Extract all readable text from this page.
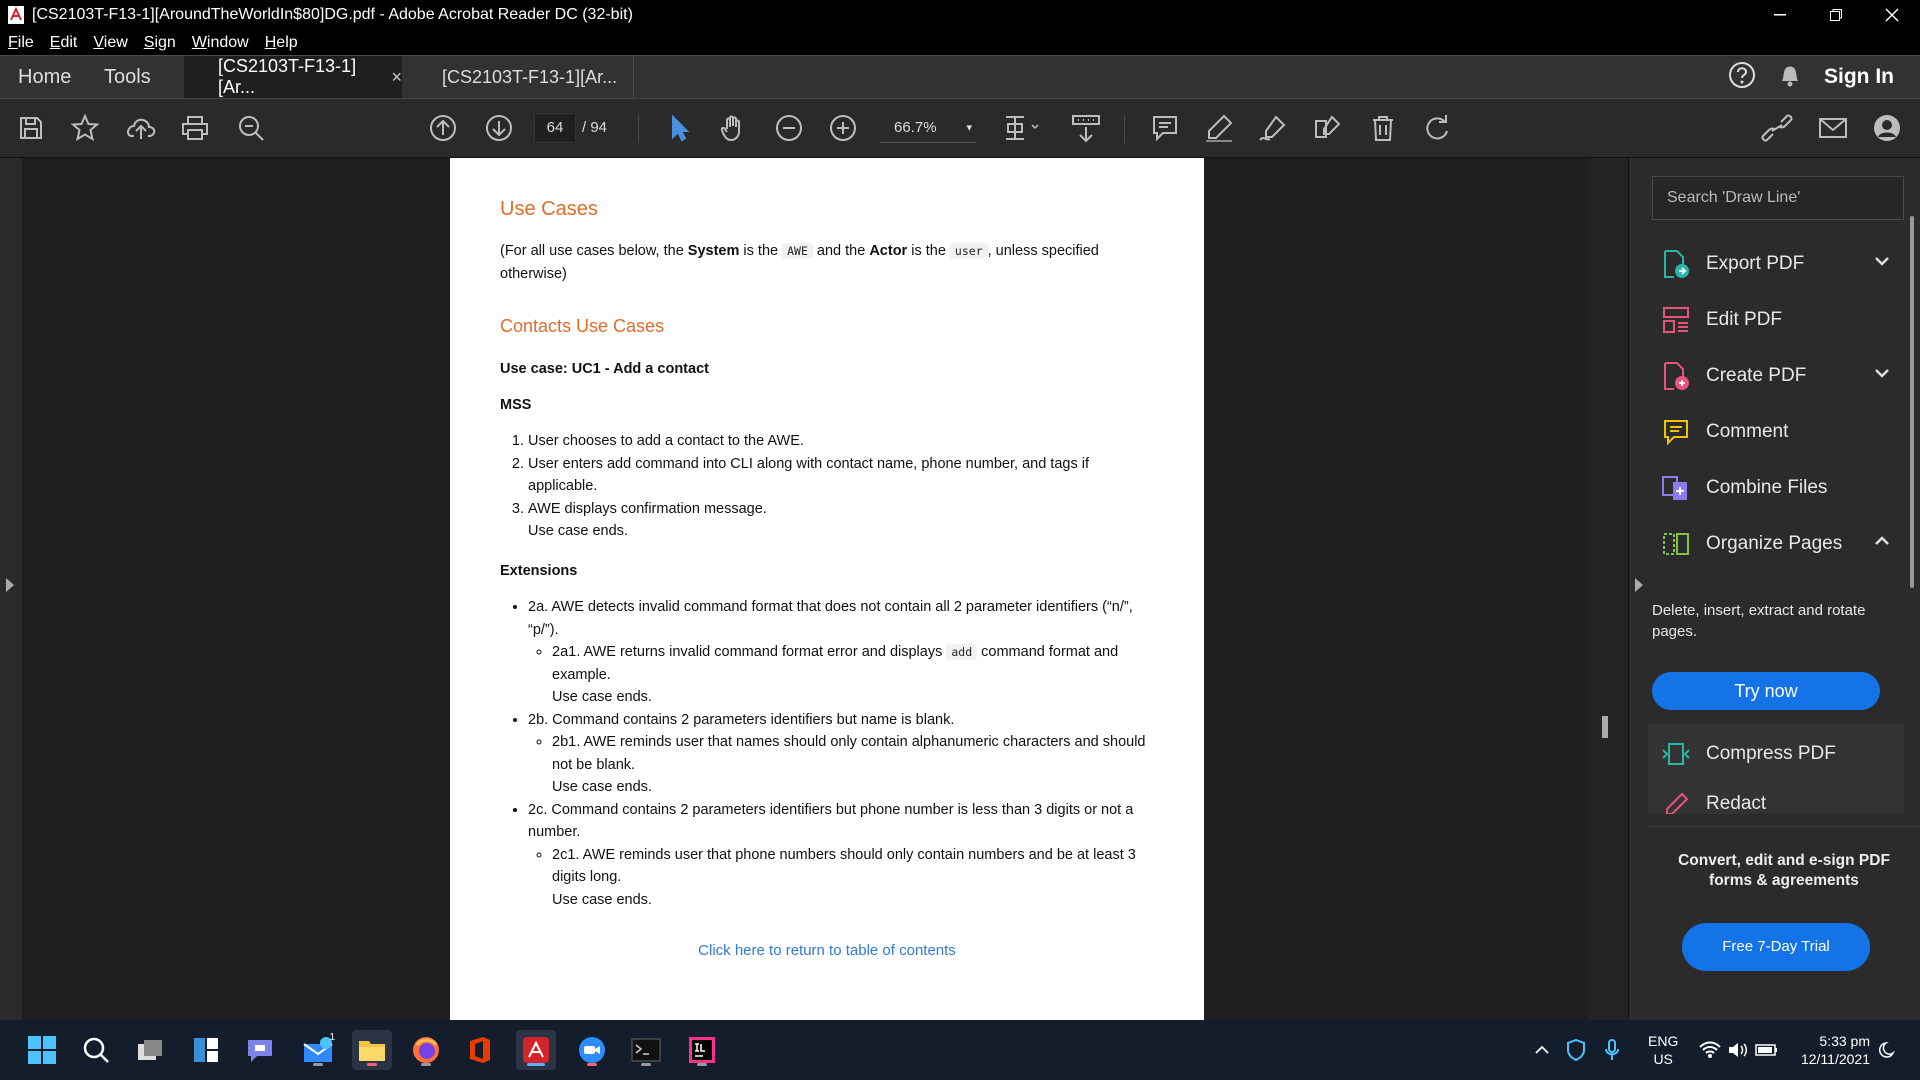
[CS2103T-F13-1][AroundTheWorldIn$80]DG.pdf - Adobe Acrobat Reader DC (32-bit)
File Edit View Sign Window Help
Home Tools	[CS2103T-F13-1][Ar...
× [CS2103T-F13-1][Ar...	Sign In
64	/ 94	66.7%	▾
Use Cases
(For all use cases below, the System is the AWE and the Actor is the user , unless specified
otherwise)
Contacts Use Cases
Use case: UC1 - Add a contact
MSS
1. User chooses to add a contact to the AWE.
2. User enters add command into CLI along with contact name, phone number, and tags if applicable.
3. AWE displays confirmation message.
Use case ends.
Extensions
• 2a. AWE detects invalid command format that does not contain all 2 parameter identifiers (“n/”, “p/”).
◦ 2a1. AWE returns invalid command format error and displays add command format and example.
Use case ends.
• 2b. Command contains 2 parameters identifiers but name is blank.
◦ 2b1. AWE reminds user that names should only contain alphanumeric characters and should not be blank.
Use case ends.
• 2c. Command contains 2 parameters identifiers but phone number is less than 3 digits or not a number.
◦ 2c1. AWE reminds user that phone numbers should only contain numbers and be at least 3 digits long.
Use case ends.
Click here to return to table of contents
Search 'Draw Line'
Export PDF
Edit PDF
Create PDF
Comment
Combine Files
Organize Pages
Delete, insert, extract and rotate pages.
Try now
Compress PDF
Redact
Convert, edit and e-sign PDF forms & agreements
Free 7-Day Trial
1	ENG
US
5:33 pm
12/11/2021
